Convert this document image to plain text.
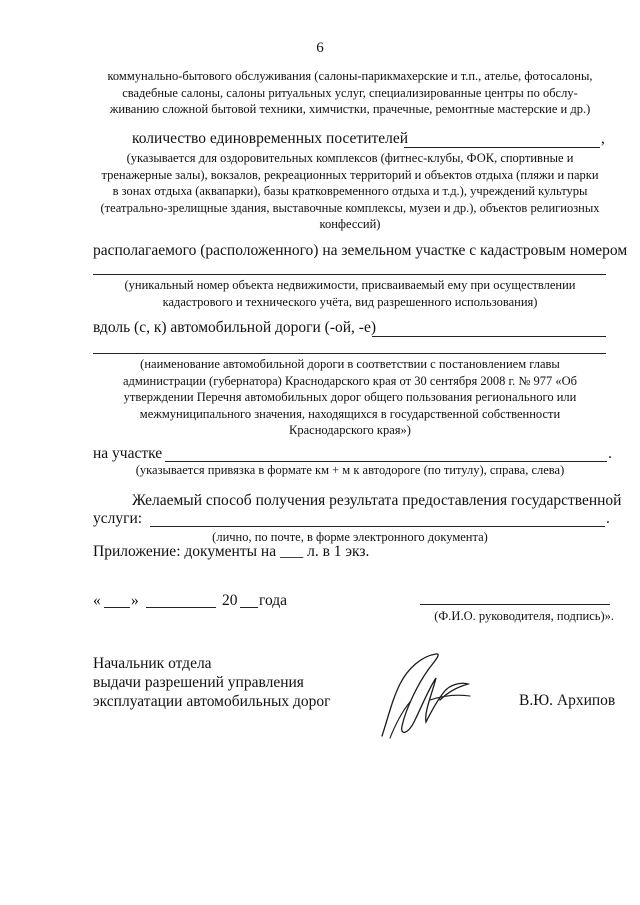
6
коммунально-бытового обслуживания (салоны-парикмахерские и т.п., ателье, фотосалоны,
свадебные салоны, салоны ритуальных услуг, специализированные центры по обслу-
живанию сложной бытовой техники, химчистки, прачечные, ремонтные мастерские и др.)
количество единовременных посетителей	,
(указывается для оздоровительных комплексов (фитнес-клубы, ФОК, спортивные и
тренажерные залы), вокзалов, рекреационных территорий и объектов отдыха (пляжи и парки
в зонах отдыха (аквапарки), базы кратковременного отдыха и т.д.), учреждений культуры
(театрально-зрелищные здания, выставочные комплексы, музеи и др.), объектов религиозных
конфессий)
располагаемого (расположенного) на земельном участке с кадастровым номером
(уникальный номер объекта недвижимости, присваиваемый ему при осуществлении
кадастрового и технического учёта, вид разрешенного использования)
вдоль (с, к) автомобильной дороги (-ой, -е)
(наименование автомобильной дороги в соответствии с постановлением главы
администрации (губернатора) Краснодарского края от 30 сентября 2008 г. № 977 «Об
утверждении Перечня автомобильных дорог общего пользования регионального или
межмуниципального значения, находящихся в государственной собственности
Краснодарского края»)
на участке	.
(указывается привязка в формате км + м к автодороге (по титулу), справа, слева)
Желаемый способ получения результата предоставления государственной
услуги:	.
(лично, по почте, в форме электронного документа)
Приложение: документы на ___ л. в 1 экз.
« »	20 года
(Ф.И.О. руководителя, подпись)».
Начальник отдела
выдачи разрешений управления
эксплуатации автомобильных дорог	В.Ю. Архипов
